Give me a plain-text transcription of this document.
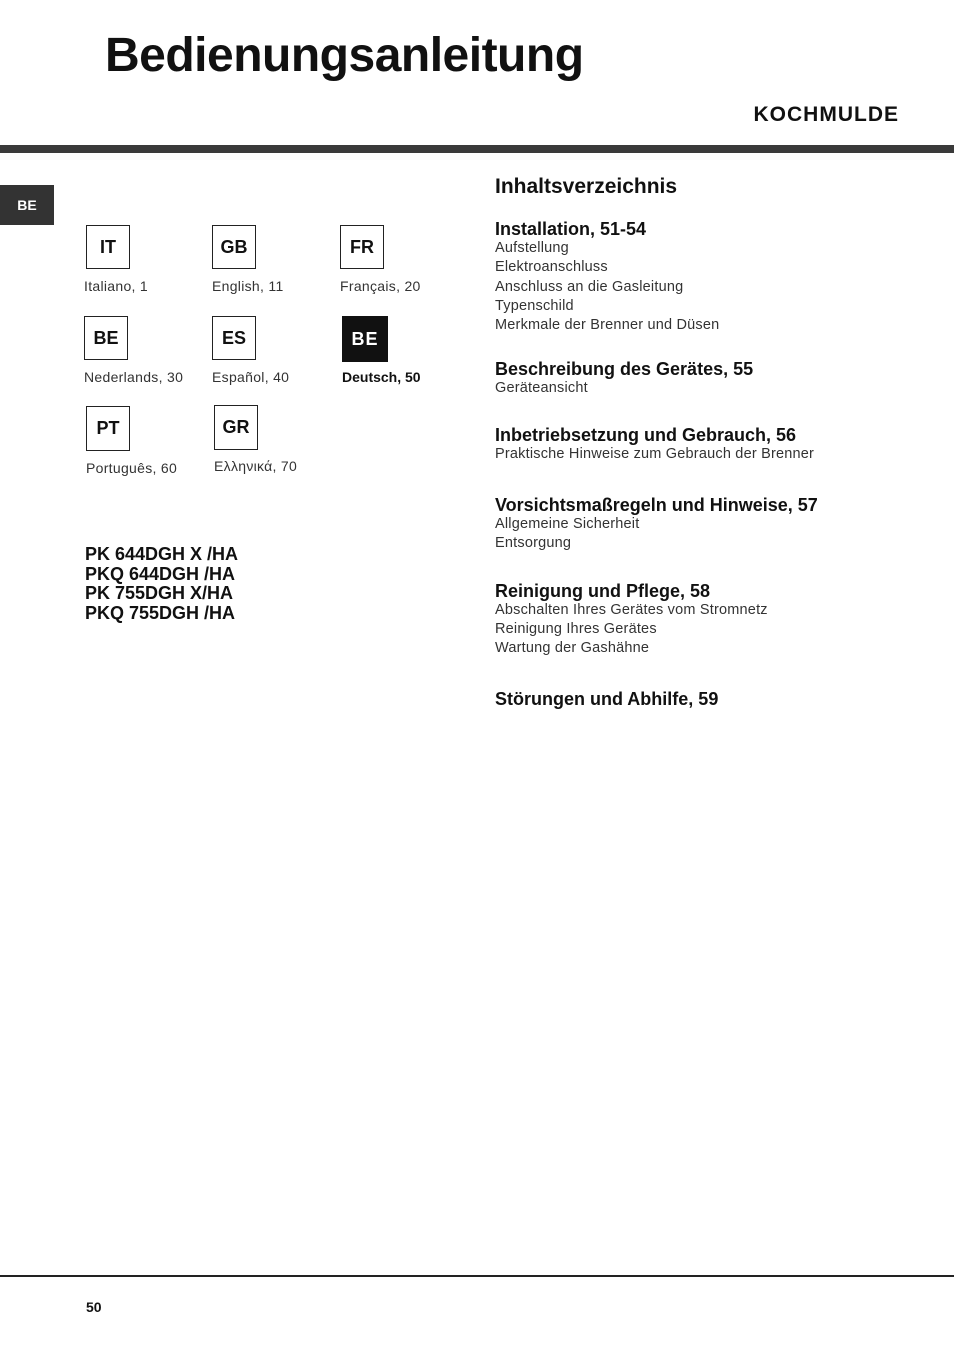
Bedienungsanleitung
KOCHMULDE
BE
IT
Italiano, 1
GB
English, 11
FR
Français, 20
BE
Nederlands, 30
ES
Español, 40
BE
Deutsch, 50
PT
Português, 60
GR
Ελληνικά, 70
PK 644DGH X /HA
PKQ 644DGH /HA
PK 755DGH X/HA
PKQ 755DGH /HA
Inhaltsverzeichnis
Installation, 51-54
Aufstellung
Elektroanschluss
Anschluss an die Gasleitung
Typenschild
Merkmale der Brenner und Düsen
Beschreibung des Gerätes, 55
Geräteansicht
Inbetriebsetzung und Gebrauch, 56
Praktische Hinweise zum Gebrauch der Brenner
Vorsichtsmaßregeln und Hinweise, 57
Allgemeine Sicherheit
Entsorgung
Reinigung und Pflege, 58
Abschalten Ihres Gerätes vom Stromnetz
Reinigung Ihres Gerätes
Wartung der Gashähne
Störungen und Abhilfe, 59
50
